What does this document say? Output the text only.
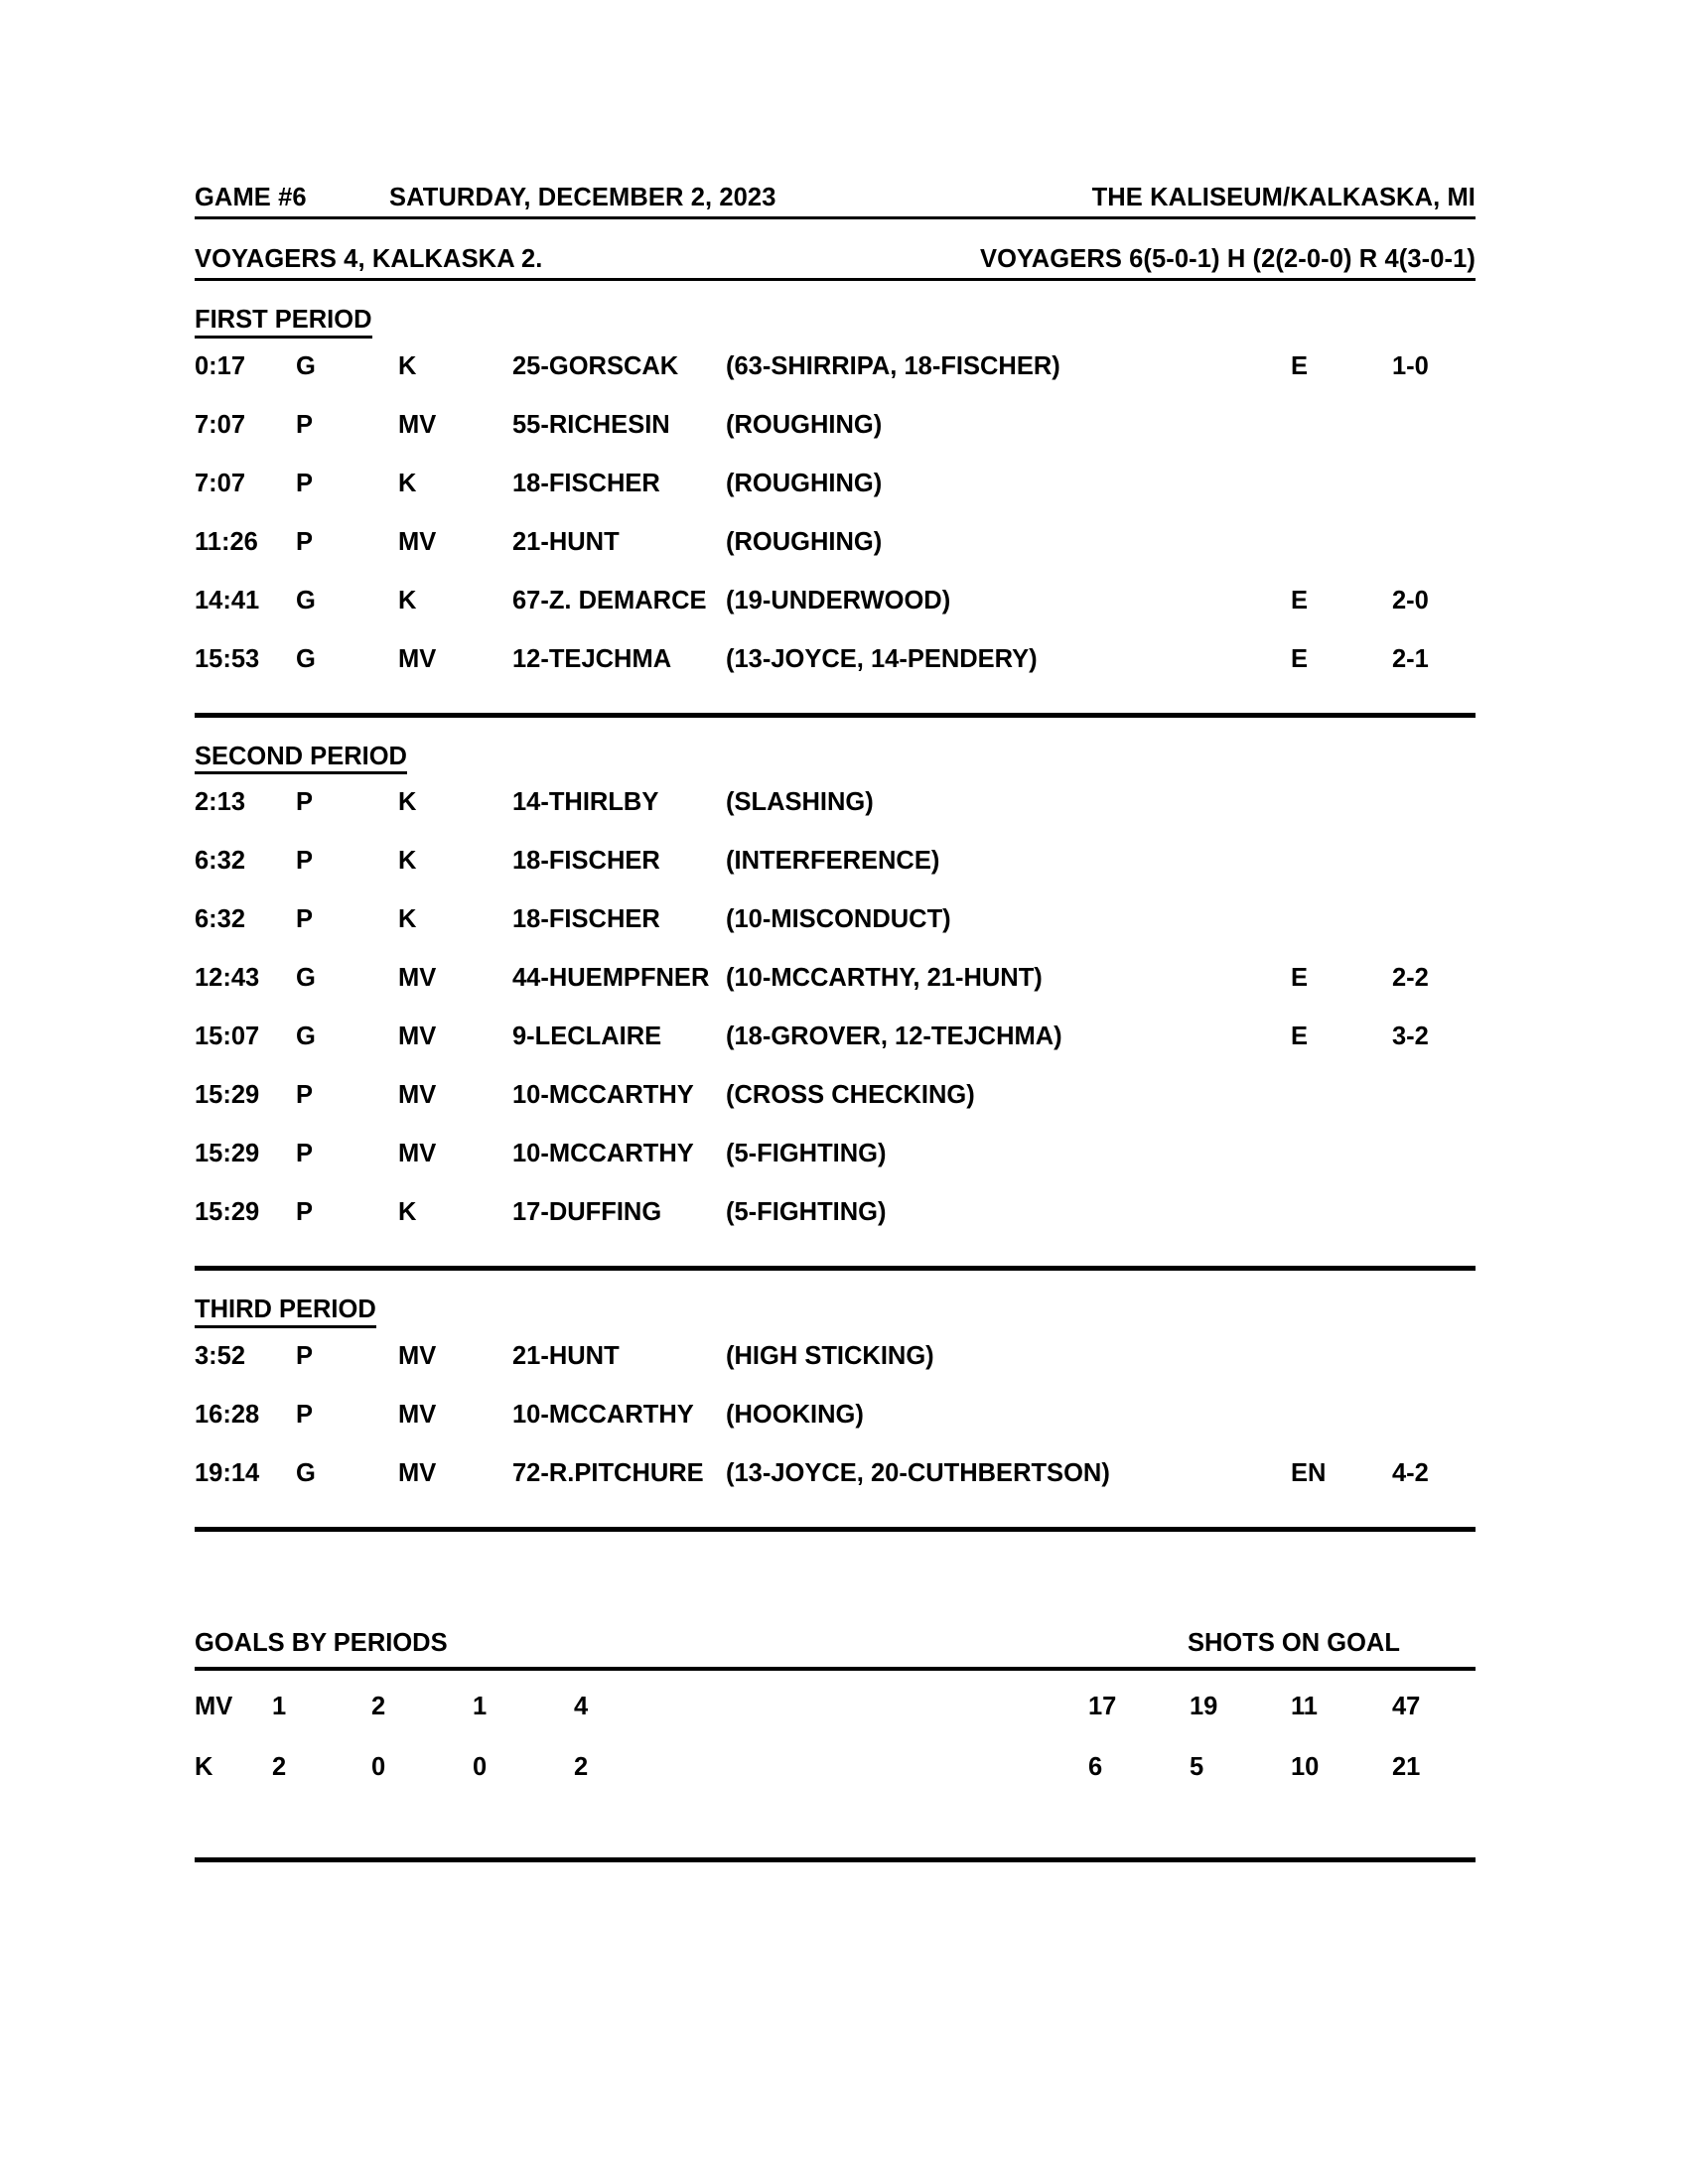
GAME #6	SATURDAY, DECEMBER 2, 2023	THE KALISEUM/KALKASKA, MI
VOYAGERS 4, KALKASKA 2.	VOYAGERS 6(5-0-1) H (2(2-0-0) R 4(3-0-1)
FIRST PERIOD
0:17 G	K	25-GORSCAK (63-SHIRRIPA, 18-FISCHER)	E	1-0
7:07 P	MV	55-RICHESIN (ROUGHING)
7:07 P	K	18-FISCHER	(ROUGHING)
11:26 P	MV	21-HUNT	(ROUGHING)
14:41 G	K	67-Z. DEMARCE (19-UNDERWOOD)	E	2-0
15:53 G	MV	12-TEJCHMA (13-JOYCE, 14-PENDERY)	E	2-1
SECOND PERIOD
2:13 P	K	14-THIRLBY	(SLASHING)
6:32 P	K	18-FISCHER	(INTERFERENCE)
6:32 P	K	18-FISCHER	(10-MISCONDUCT)
12:43 G	MV	44-HUEMPFNER (10-MCCARTHY, 21-HUNT)	E	2-2
15:07 G	MV	9-LECLAIRE	(18-GROVER, 12-TEJCHMA)	E	3-2
15:29 P	MV	10-MCCARTHY (CROSS CHECKING)
15:29 P	MV	10-MCCARTHY (5-FIGHTING)
15:29 P	K	17-DUFFING	(5-FIGHTING)
THIRD PERIOD
3:52 P	MV	21-HUNT	(HIGH STICKING)
16:28 P	MV	10-MCCARTHY (HOOKING)
19:14 G	MV	72-R.PITCHURE (13-JOYCE, 20-CUTHBERTSON)	EN	4-2
GOALS BY PERIODS	SHOTS ON GOAL
MV 1	2	1	4	17	19	11	47
K 2	0	0	2	6	5	10	21
